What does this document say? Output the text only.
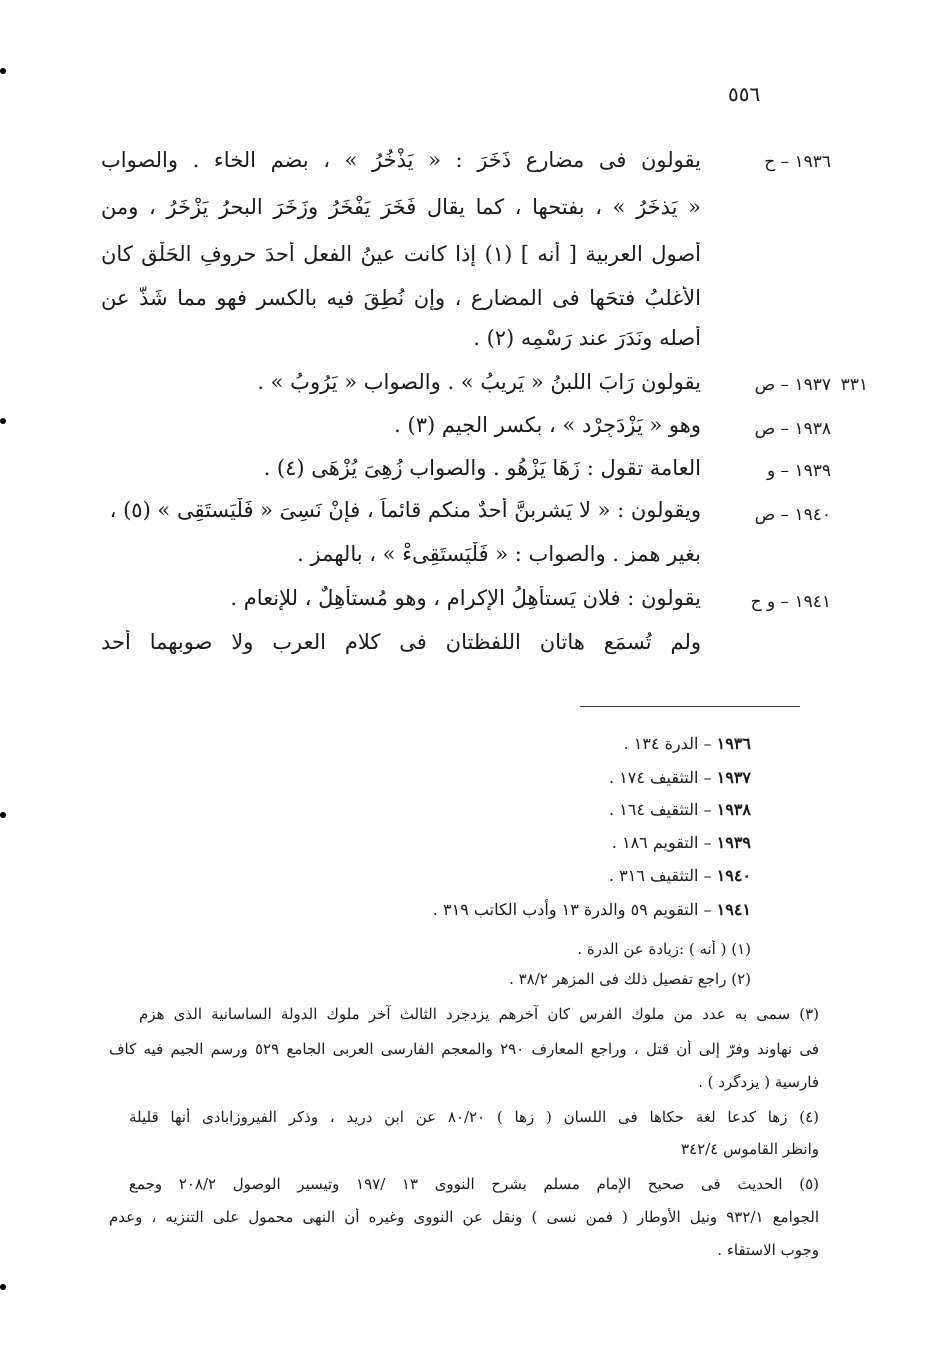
٥٥٦
١٩٣٦ – ح
يقولون فى مضارع ذَخَرَ : « يَذْخُرُ » ، بضم الخاء . والصواب
« يَذخَرُ » ، بفتحها ، كما يقال فَخَرَ يَفْخَرُ وزَخَرَ البحرُ يَزْخَرُ ، ومن
أصول العربية [ أنه ] (١) إذا كانت عينُ الفعلِ أحدَ حروفِ الحَلْقِ كان
الأغلبُ فتحَها فى المضارع ، وإن نُطِقَ فيه بالكسر فهو مما شَذَّ عن
أصله ونَدَرَ عند رَسْمِه (٢) .
٣٣١
١٩٣٧ – ص
يقولون رَابَ اللبنُ « يَرِيبُ » . والصواب « يَرُوبُ » .
١٩٣٨ – ص
وهو « يَزْدَجِرْد » ، بكسر الجيم (٣) .
١٩٣٩ – و
العامة تقول : زَهَا يَزْهُو . والصواب زُهِىَ يُزْهَى (٤) .
١٩٤٠ – ص
ويقولون : « لا يَشربنَّ أحدٌ منكم قائماً ، فإنْ نَسِىَ « فَلْيَستَقِى » (٥) ،
بغير همز . والصواب : « فَلْيَستَقِىءْ » ، بالهمز .
١٩٤١ – و ح
يقولون : فلان يَستأهِلُ الإكرام ، وهو مُستأهِلٌ ، للإنعام .
ولم تُسمَع هاتانِ اللفظتانِ فى كلام العرب ولا صوبهما أحد
١٩٣٦ – الدرة ١٣٤ .
١٩٣٧ – التثقيف ١٧٤ .
١٩٣٨ – التثقيف ١٦٤ .
١٩٣٩ – التقويم ١٨٦ .
١٩٤٠ – التثقيف ٣١٦ .
١٩٤١ – التقويم ٥٩ والدرة ١٣ وأدب الكاتب ٣١٩ .
(١) ( أنه ) :زيادة عن الدرة .
(٢) راجع تفصيل ذلك فى المزهر ٣٨/٢ .
(٣) سمى به عدد من ملوك الفرس كان آخرهم يزدجرد الثالث آخر ملوك الدولة الساسانية الذى هزم
فى نهاوند وفرّ إلى أن قتل ، وراجع المعارف ٢٩٠ والمعجم الفارسى العربى الجامع ٥٢٩ ورسم الجيم فيه كاف
فارسية ( يزدگرد ) .
(٤) زها كدعا لغة حكاها فى اللسان ( زها ) ٨٠/٢٠ عن ابن دريد ، وذكر الفيروزابادى أنها قليلة
وانظر القاموس ٣٤٢/٤
(٥) الحديث فى صحيح الإمام مسلم بشرح النووى ١٣ /١٩٧ وتيسير الوصول ٢٠٨/٢ وجمع
الجوامع ٩٣٢/١ ونيل الأوطار ( فمن نسى ) ونقل عن النووى وغيره أن النهى محمول على التنزيه ، وعدم
وجوب الاستقاء .
